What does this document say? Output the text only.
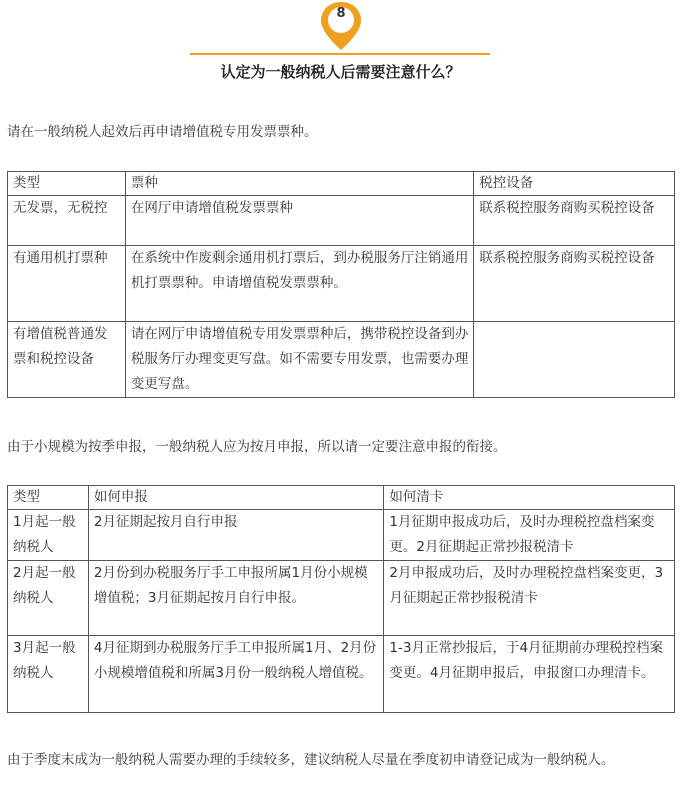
8
认定为一般纳税人后需要注意什么？
请在一般纳税人起效后再申请增值税专用发票票种。
类型	票种	税控设备
无发票，无税控	在网厅申请增值税发票票种	联系税控服务商购买税控设备
有通用机打票种	在系统中作废剩余通用机打票后，到办税服务厅注销通用机打票票种。申请增值税发票票种。	联系税控服务商购买税控设备
有增值税普通发票和税控设备	请在网厅申请增值税专用发票票种后，携带税控设备到办税服务厅办理变更写盘。如不需要专用发票，也需要办理变更写盘。	
由于小规模为按季申报，一般纳税人应为按月申报，所以请一定要注意申报的衔接。
类型	如何申报	如何清卡
1月起一般纳税人	2月征期起按月自行申报	1月征期申报成功后，及时办理税控盘档案变更。2月征期起正常抄报税清卡
2月起一般纳税人	2月份到办税服务厅手工申报所属1月份小规模增值税；3月征期起按月自行申报。	2月申报成功后，及时办理税控盘档案变更，3月征期起正常抄报税清卡
3月起一般纳税人	4月征期到办税服务厅手工申报所属1月、2月份小规模增值税和所属3月份一般纳税人增值税。	1-3月正常抄报后，于4月征期前办理税控档案变更。4月征期申报后，申报窗口办理清卡。
由于季度末成为一般纳税人需要办理的手续较多，建议纳税人尽量在季度初申请登记成为一般纳税人。
